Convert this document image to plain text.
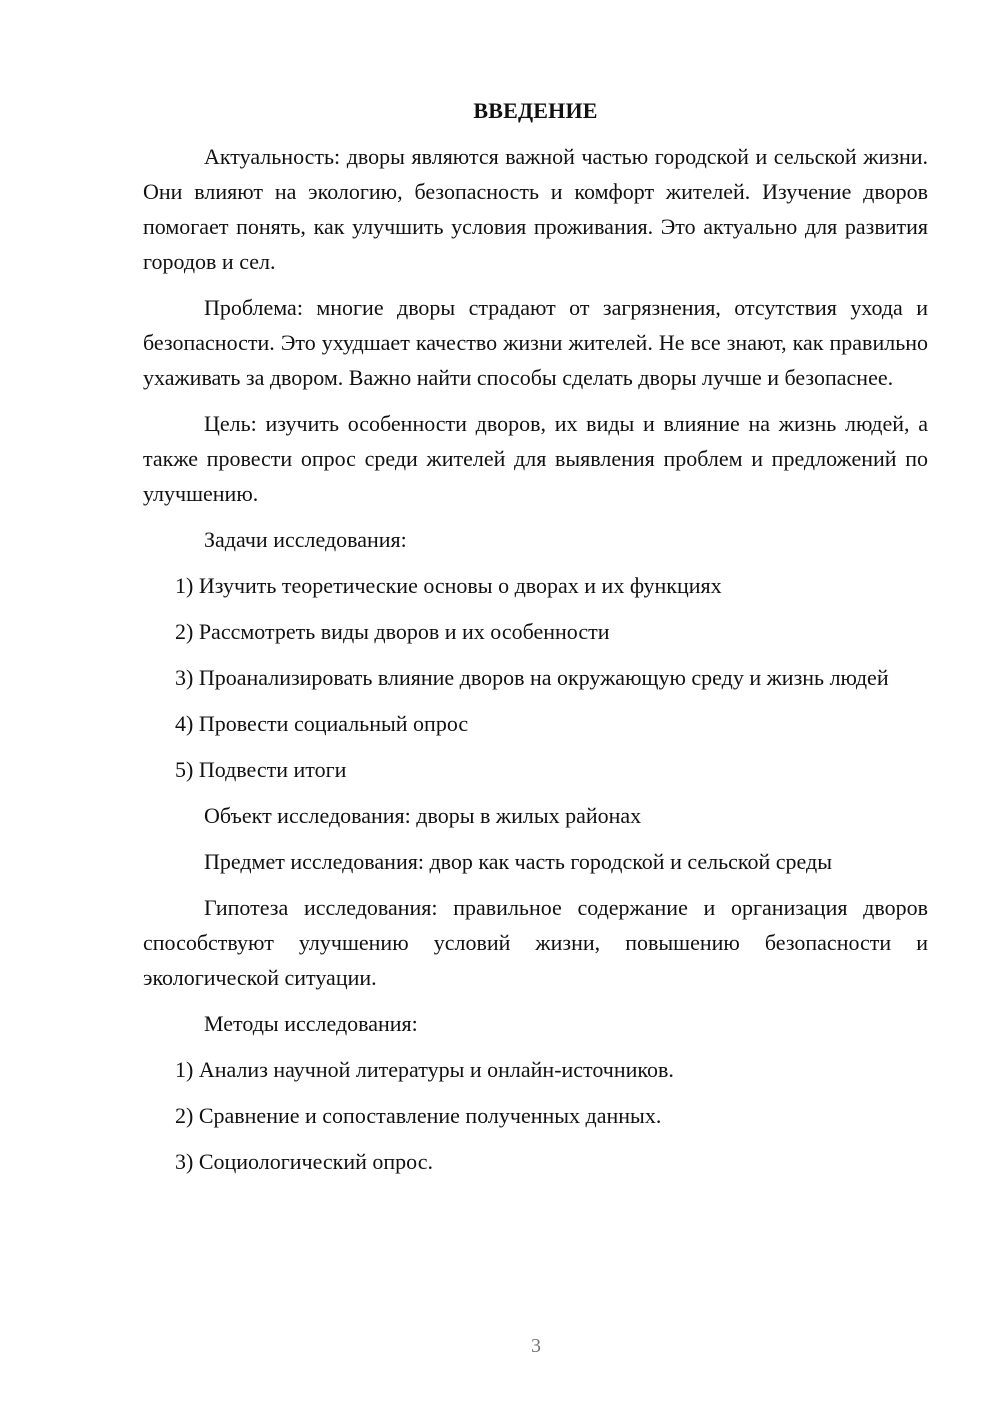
ВВЕДЕНИЕ

Актуальность: дворы являются важной частью городской и сельской жизни. Они влияют на экологию, безопасность и комфорт жителей. Изучение дворов помогает понять, как улучшить условия проживания. Это актуально для развития городов и сел.

Проблема: многие дворы страдают от загрязнения, отсутствия ухода и безопасности. Это ухудшает качество жизни жителей. Не все знают, как правильно ухаживать за двором. Важно найти способы сделать дворы лучше и безопаснее.

Цель: изучить особенности дворов, их виды и влияние на жизнь людей, а также провести опрос среди жителей для выявления проблем и предложений по улучшению.

Задачи исследования:

1) Изучить теоретические основы о дворах и их функциях

2) Рассмотреть виды дворов и их особенности

3) Проанализировать влияние дворов на окружающую среду и жизнь людей

4) Провести социальный опрос

5) Подвести итоги

Объект исследования: дворы в жилых районах

Предмет исследования: двор как часть городской и сельской среды

Гипотеза исследования: правильное содержание и организация дворов способствуют улучшению условий жизни, повышению безопасности и экологической ситуации.

Методы исследования:

1) Анализ научной литературы и онлайн-источников.

2) Сравнение и сопоставление полученных данных.

3) Социологический опрос.

3
